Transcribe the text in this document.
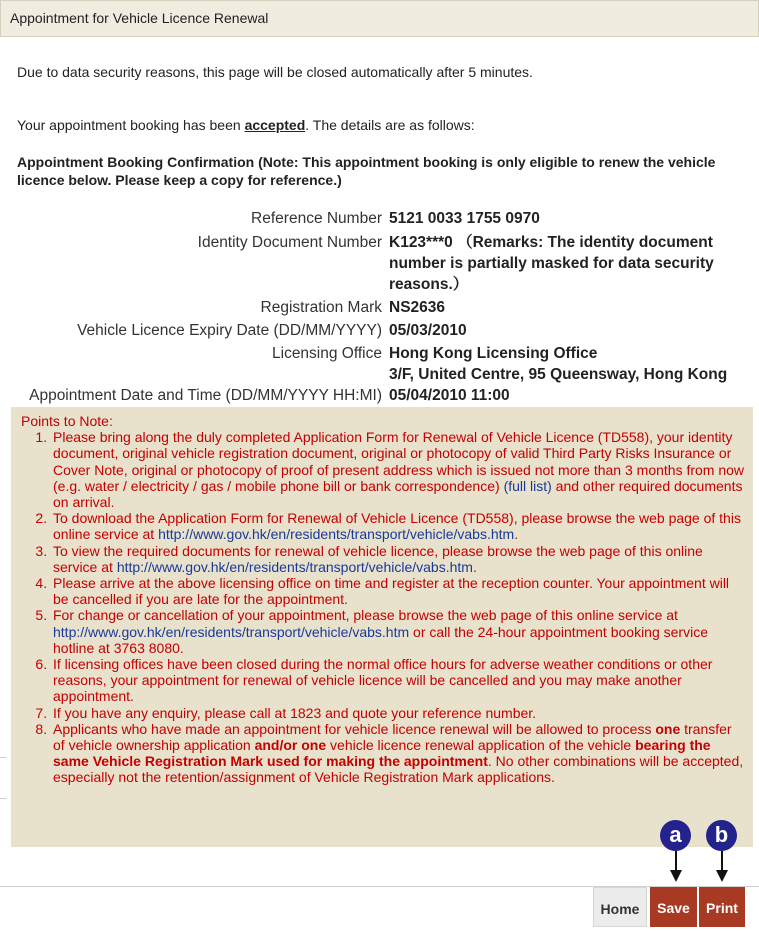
Appointment for Vehicle Licence Renewal
Due to data security reasons, this page will be closed automatically after 5 minutes.
Your appointment booking has been accepted. The details are as follows:
Appointment Booking Confirmation (Note: This appointment booking is only eligible to renew the vehicle licence below. Please keep a copy for reference.)
Reference Number 5121 0033 1755 0970
Identity Document Number K123***0 （Remarks: The identity document number is partially masked for data security reasons.）
Registration Mark NS2636
Vehicle Licence Expiry Date (DD/MM/YYYY) 05/03/2010
Licensing Office Hong Kong Licensing Office
3/F, United Centre, 95 Queensway, Hong Kong
Appointment Date and Time (DD/MM/YYYY HH:MI) 05/04/2010 11:00
Points to Note:
1. Please bring along the duly completed Application Form for Renewal of Vehicle Licence (TD558), your identity document, original vehicle registration document, original or photocopy of valid Third Party Risks Insurance or Cover Note, original or photocopy of proof of present address which is issued not more than 3 months from now (e.g. water / electricity / gas / mobile phone bill or bank correspondence) (full list) and other required documents on arrival.
2. To download the Application Form for Renewal of Vehicle Licence (TD558), please browse the web page of this online service at http://www.gov.hk/en/residents/transport/vehicle/vabs.htm.
3. To view the required documents for renewal of vehicle licence, please browse the web page of this online service at http://www.gov.hk/en/residents/transport/vehicle/vabs.htm.
4. Please arrive at the above licensing office on time and register at the reception counter. Your appointment will be cancelled if you are late for the appointment.
5. For change or cancellation of your appointment, please browse the web page of this online service at http://www.gov.hk/en/residents/transport/vehicle/vabs.htm or call the 24-hour appointment booking service hotline at 3763 8080.
6. If licensing offices have been closed during the normal office hours for adverse weather conditions or other reasons, your appointment for renewal of vehicle licence will be cancelled and you may make another appointment.
7. If you have any enquiry, please call at 1823 and quote your reference number.
8. Applicants who have made an appointment for vehicle licence renewal will be allowed to process one transfer of vehicle ownership application and/or one vehicle licence renewal application of the vehicle bearing the same Vehicle Registration Mark used for making the appointment. No other combinations will be accepted, especially not the retention/assignment of Vehicle Registration Mark applications.
a	b
Home	Save	Print
